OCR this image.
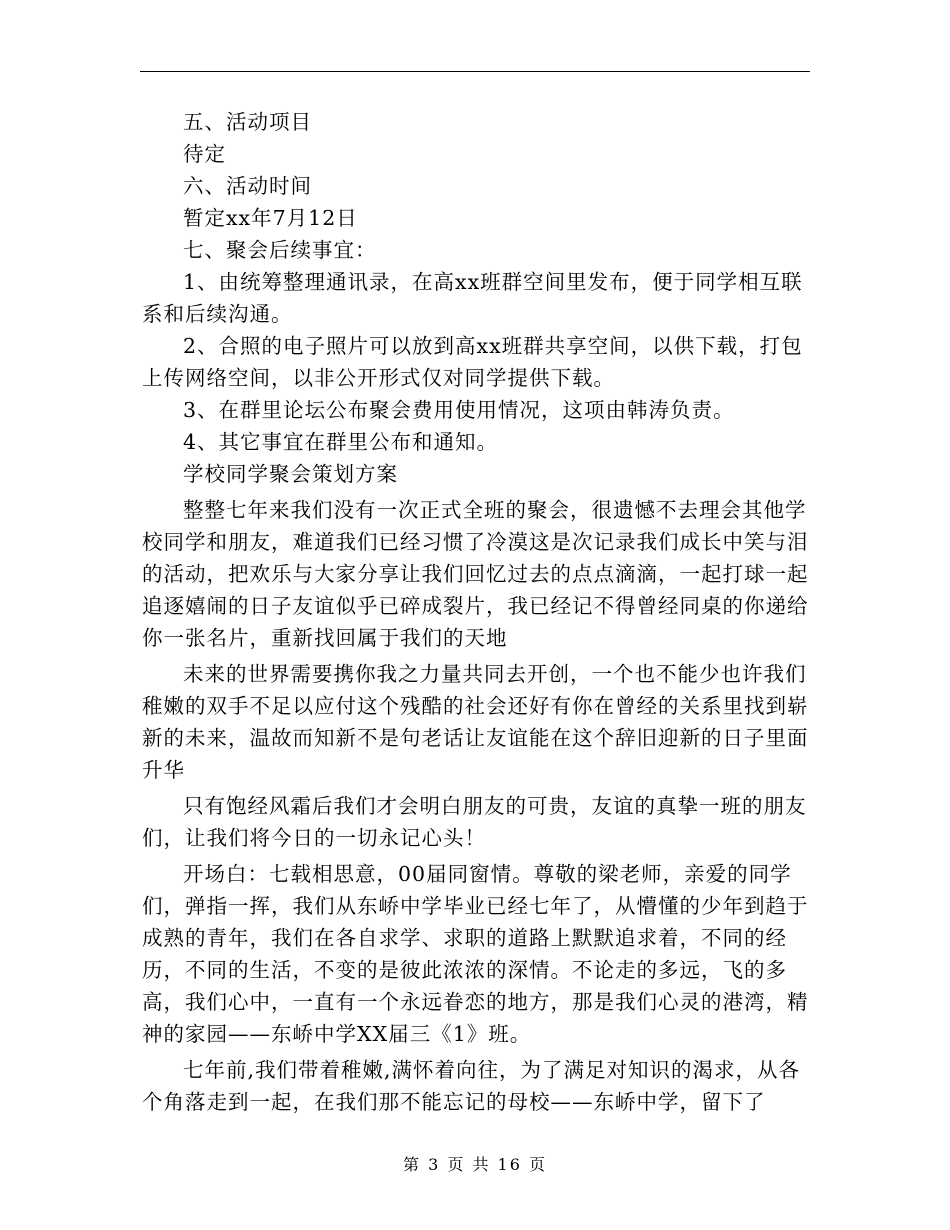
五、活动项目

待定

六、活动时间

暂定xx年7月12日

七、聚会后续事宜：

1、由统筹整理通讯录，在高xx班群空间里发布，便于同学相互联系和后续沟通。

2、合照的电子照片可以放到高xx班群共享空间，以供下载，打包上传网络空间，以非公开形式仅对同学提供下载。

3、在群里论坛公布聚会费用使用情况，这项由韩涛负责。

4、其它事宜在群里公布和通知。

学校同学聚会策划方案

整整七年来我们没有一次正式全班的聚会，很遗憾不去理会其他学校同学和朋友，难道我们已经习惯了冷漠这是次记录我们成长中笑与泪的活动，把欢乐与大家分享让我们回忆过去的点点滴滴，一起打球一起追逐嬉闹的日子友谊似乎已碎成裂片，我已经记不得曾经同桌的你递给你一张名片，重新找回属于我们的天地

未来的世界需要携你我之力量共同去开创，一个也不能少也许我们稚嫩的双手不足以应付这个残酷的社会还好有你在曾经的关系里找到崭新的未来，温故而知新不是句老话让友谊能在这个辞旧迎新的日子里面升华

只有饱经风霜后我们才会明白朋友的可贵，友谊的真挚一班的朋友们，让我们将今日的一切永记心头！

开场白：七载相思意，00届同窗情。尊敬的梁老师，亲爱的同学们，弹指一挥，我们从东峤中学毕业已经七年了，从懵懂的少年到趋于成熟的青年，我们在各自求学、求职的道路上默默追求着，不同的经历，不同的生活，不变的是彼此浓浓的深情。不论走的多远，飞的多高，我们心中，一直有一个永远眷恋的地方，那是我们心灵的港湾，精神的家园——东峤中学XX届三《1》班。

七年前,我们带着稚嫩,满怀着向往，为了满足对知识的渴求，从各个角落走到一起，在我们那不能忘记的母校——东峤中学，留下了

第 3 页 共 16 页
